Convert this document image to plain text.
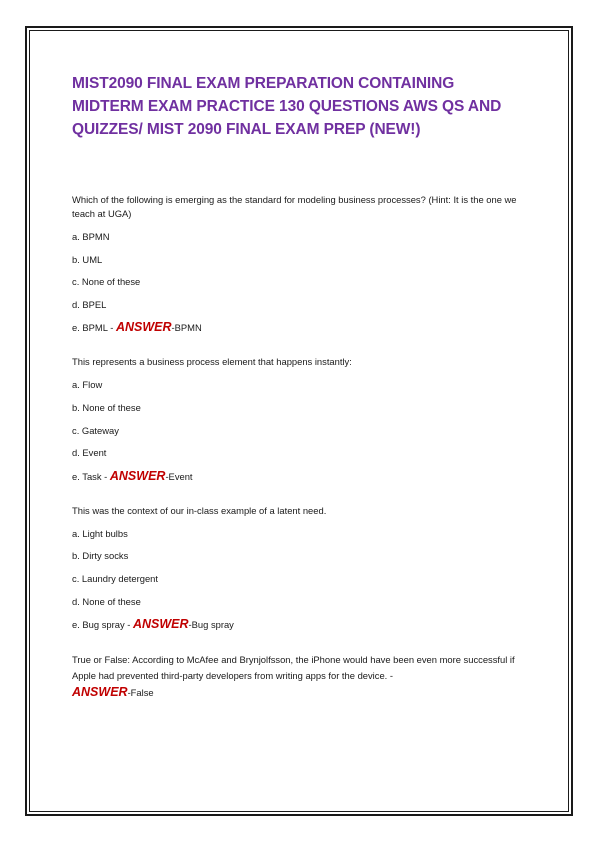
MIST2090 FINAL EXAM PREPARATION CONTAINING MIDTERM EXAM PRACTICE 130 QUESTIONS AWS QS AND QUIZZES/ MIST 2090 FINAL EXAM PREP (NEW!)

Which of the following is emerging as the standard for modeling business processes? (Hint: It is the one we teach at UGA)

a. BPMN

b. UML

c. None of these

d. BPEL

e. BPML - ANSWER-BPMN

This represents a business process element that happens instantly:

a. Flow

b. None of these

c. Gateway

d. Event

e. Task - ANSWER-Event

This was the context of our in-class example of a latent need.

a. Light bulbs

b. Dirty socks

c. Laundry detergent

d. None of these

e. Bug spray - ANSWER-Bug spray

True or False: According to McAfee and Brynjolfsson, the iPhone would have been even more successful if Apple had prevented third-party developers from writing apps for the device. -
ANSWER-False
